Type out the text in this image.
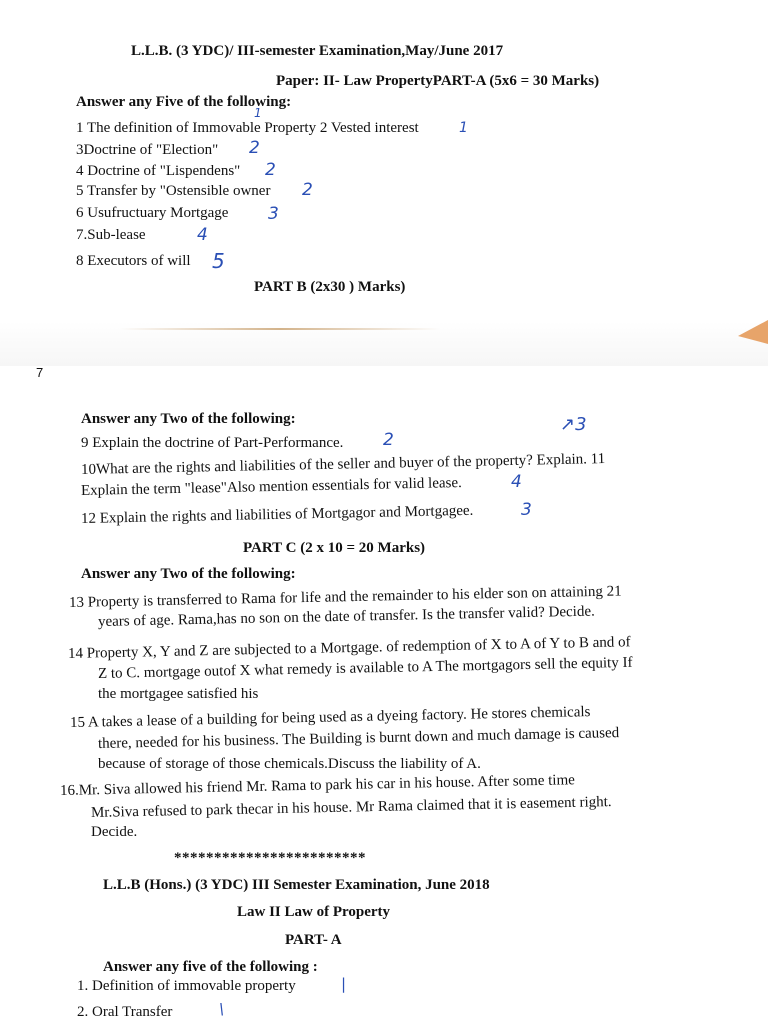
L.L.B. (3 YDC)/ III-semester Examination,May/June 2017
Paper: II- Law PropertyPART-A (5x6 = 30 Marks)
Answer any Five of the following:
1 The definition of Immovable Property 2 Vested interest
3Doctrine of "Election"
4 Doctrine of "Lispendens"
5 Transfer by "Ostensible owner
6 Usufructuary Mortgage
7.Sub-lease
8 Executors of will
1
1
2
2
2
3
4
5
PART B (2x30 ) Marks)
7
Answer any Two of the following:
9 Explain the doctrine of Part-Performance. 2
↗3
10What are the rights and liabilities of the seller and buyer of the property? Explain. 11
Explain the term "lease"Also mention essentials for valid lease.	4
12 Explain the rights and liabilities of Mortgagor and Mortgagee.	3
PART C (2 x 10 = 20 Marks)
Answer any Two of the following:
13 Property is transferred to Rama for life and the remainder to his elder son on attaining 21
years of age. Rama,has no son on the date of transfer. Is the transfer valid? Decide.
14 Property X, Y and Z are subjected to a Mortgage. of redemption of X to A of Y to B and of
Z to C. mortgage outof X what remedy is available to A The mortgagors sell the equity If
the mortgagee satisfied his
15 A takes a lease of a building for being used as a dyeing factory. He stores chemicals
there, needed for his business. The Building is burnt down and much damage is caused
because of storage of those chemicals.Discuss the liability of A.
16.Mr. Siva allowed his friend Mr. Rama to park his car in his house. After some time
Mr.Siva refused to park thecar in his house. Mr Rama claimed that it is easement right.
Decide.
************************
L.L.B (Hons.) (3 YDC) III Semester Examination, June 2018
Law II Law of Property
PART- A
Answer any five of the following :
1. Definition of immovable property	|
2. Oral Transfer	\
